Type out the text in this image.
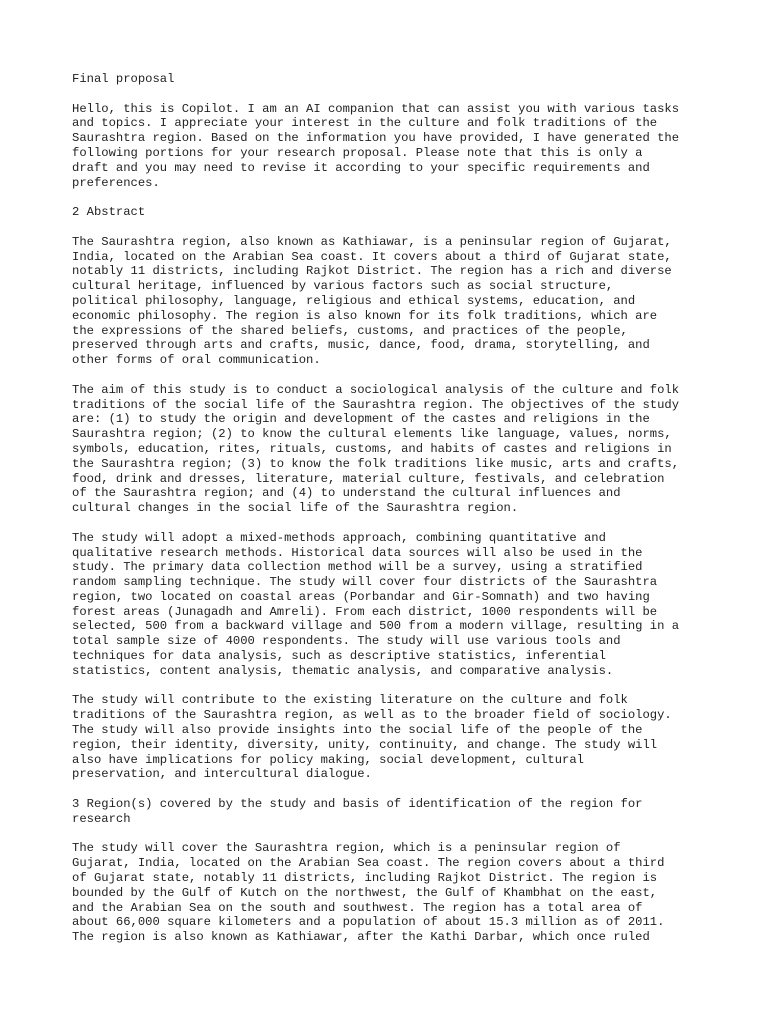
Final proposal

Hello, this is Copilot. I am an AI companion that can assist you with various tasks
and topics. I appreciate your interest in the culture and folk traditions of the
Saurashtra region. Based on the information you have provided, I have generated the
following portions for your research proposal. Please note that this is only a
draft and you may need to revise it according to your specific requirements and
preferences.

2 Abstract

The Saurashtra region, also known as Kathiawar, is a peninsular region of Gujarat,
India, located on the Arabian Sea coast. It covers about a third of Gujarat state,
notably 11 districts, including Rajkot District. The region has a rich and diverse
cultural heritage, influenced by various factors such as social structure,
political philosophy, language, religious and ethical systems, education, and
economic philosophy. The region is also known for its folk traditions, which are
the expressions of the shared beliefs, customs, and practices of the people,
preserved through arts and crafts, music, dance, food, drama, storytelling, and
other forms of oral communication.

The aim of this study is to conduct a sociological analysis of the culture and folk
traditions of the social life of the Saurashtra region. The objectives of the study
are: (1) to study the origin and development of the castes and religions in the
Saurashtra region; (2) to know the cultural elements like language, values, norms,
symbols, education, rites, rituals, customs, and habits of castes and religions in
the Saurashtra region; (3) to know the folk traditions like music, arts and crafts,
food, drink and dresses, literature, material culture, festivals, and celebration
of the Saurashtra region; and (4) to understand the cultural influences and
cultural changes in the social life of the Saurashtra region.

The study will adopt a mixed-methods approach, combining quantitative and
qualitative research methods. Historical data sources will also be used in the
study. The primary data collection method will be a survey, using a stratified
random sampling technique. The study will cover four districts of the Saurashtra
region, two located on coastal areas (Porbandar and Gir-Somnath) and two having
forest areas (Junagadh and Amreli). From each district, 1000 respondents will be
selected, 500 from a backward village and 500 from a modern village, resulting in a
total sample size of 4000 respondents. The study will use various tools and
techniques for data analysis, such as descriptive statistics, inferential
statistics, content analysis, thematic analysis, and comparative analysis.

The study will contribute to the existing literature on the culture and folk
traditions of the Saurashtra region, as well as to the broader field of sociology.
The study will also provide insights into the social life of the people of the
region, their identity, diversity, unity, continuity, and change. The study will
also have implications for policy making, social development, cultural
preservation, and intercultural dialogue.

3 Region(s) covered by the study and basis of identification of the region for
research

The study will cover the Saurashtra region, which is a peninsular region of
Gujarat, India, located on the Arabian Sea coast. The region covers about a third
of Gujarat state, notably 11 districts, including Rajkot District. The region is
bounded by the Gulf of Kutch on the northwest, the Gulf of Khambhat on the east,
and the Arabian Sea on the south and southwest. The region has a total area of
about 66,000 square kilometers and a population of about 15.3 million as of 2011.
The region is also known as Kathiawar, after the Kathi Darbar, which once ruled
